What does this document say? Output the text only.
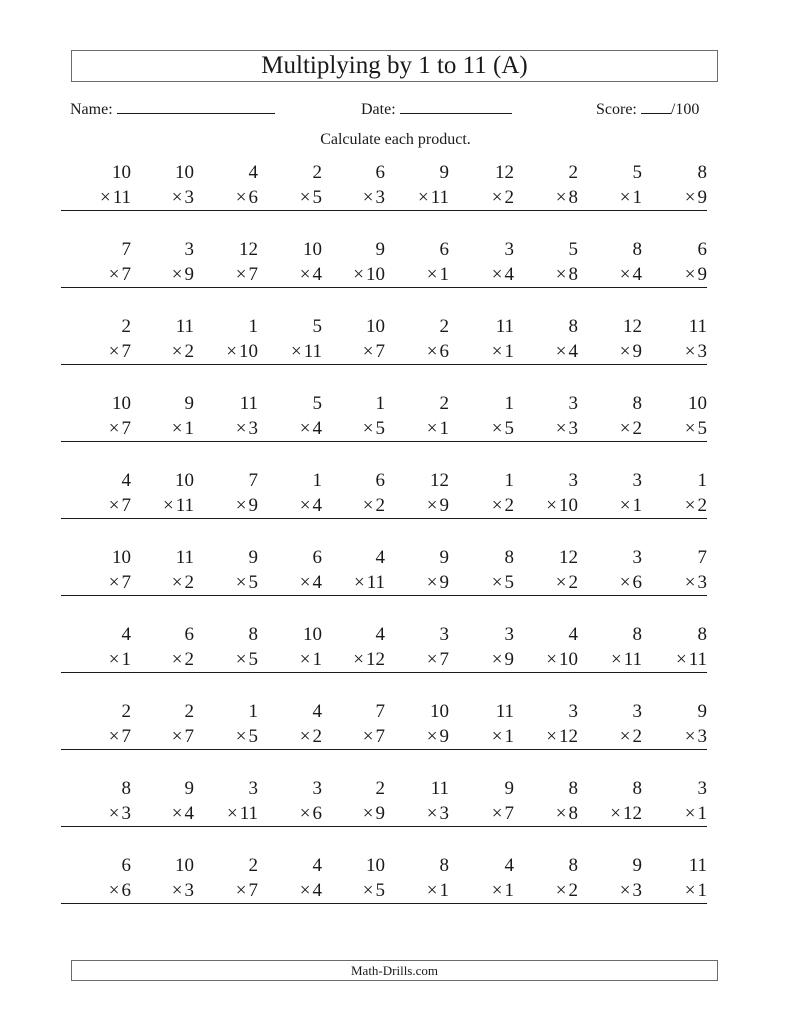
Multiplying by 1 to 11 (A)
Name:	Date:	Score: /100
Calculate each product.
10
× 11
10
× 3
4
× 6
2
× 5
6
× 3
9
× 11
12
× 2
2
× 8
5
× 1
8
× 9
7
× 7
3
× 9
12
× 7
10
× 4
9
× 10
6
× 1
3
× 4
5
× 8
8
× 4
6
× 9
2
× 7
11
× 2
1
× 10
5
× 11
10
× 7
2
× 6
11
× 1
8
× 4
12
× 9
11
× 3
10
× 7
9
× 1
11
× 3
5
× 4
1
× 5
2
× 1
1
× 5
3
× 3
8
× 2
10
× 5
4
× 7
10
× 11
7
× 9
1
× 4
6
× 2
12
× 9
1
× 2
3
× 10
3
× 1
1
× 2
10
× 7
11
× 2
9
× 5
6
× 4
4
× 11
9
× 9
8
× 5
12
× 2
3
× 6
7
× 3
4
× 1
6
× 2
8
× 5
10
× 1
4
× 12
3
× 7
3
× 9
4
× 10
8
× 11
8
× 11
2
× 7
2
× 7
1
× 5
4
× 2
7
× 7
10
× 9
11
× 1
3
× 12
3
× 2
9
× 3
8
× 3
9
× 4
3
× 11
3
× 6
2
× 9
11
× 3
9
× 7
8
× 8
8
× 12
3
× 1
6
× 6
10
× 3
2
× 7
4
× 4
10
× 5
8
× 1
4
× 1
8
× 2
9
× 3
11
× 1
Math-Drills.com
